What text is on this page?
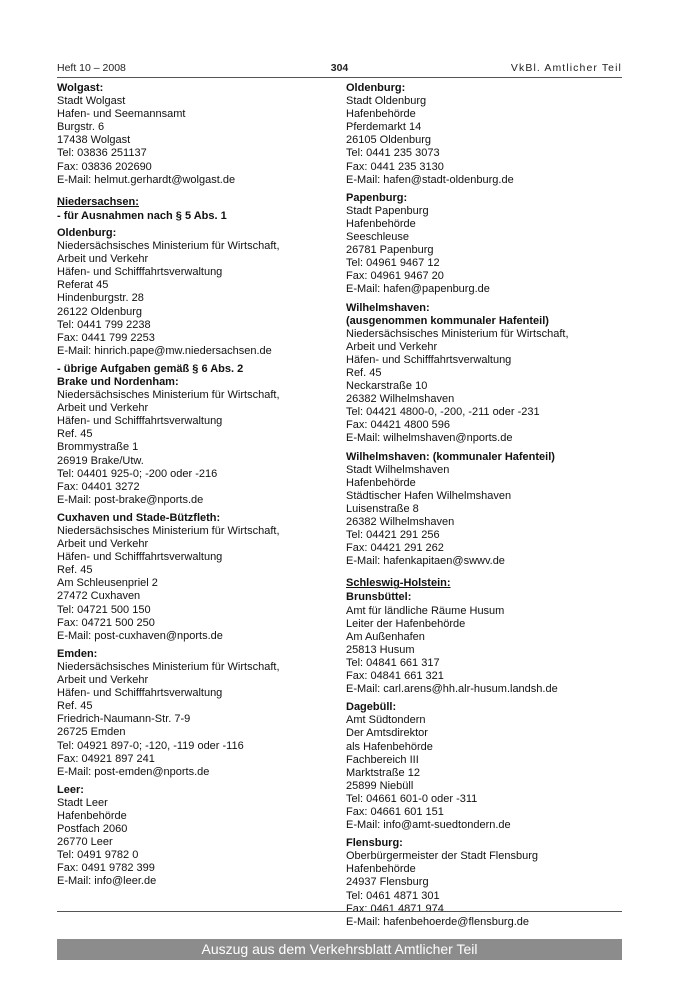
Heft 10 – 2008	304	VkBl. Amtlicher Teil
Wolgast:
Stadt Wolgast
Hafen- und Seemannsamt
Burgstr. 6
17438 Wolgast
Tel: 03836 251137
Fax: 03836 202690
E-Mail: helmut.gerhardt@wolgast.de
Niedersachsen:
- für Ausnahmen nach § 5 Abs. 1
Oldenburg:
Niedersächsisches Ministerium für Wirtschaft,
Arbeit und Verkehr
Häfen- und Schifffahrtsverwaltung
Referat 45
Hindenburgstr. 28
26122 Oldenburg
Tel: 0441 799 2238
Fax: 0441 799 2253
E-Mail: hinrich.pape@mw.niedersachsen.de
- übrige Aufgaben gemäß § 6 Abs. 2
Brake und Nordenham:
Niedersächsisches Ministerium für Wirtschaft,
Arbeit und Verkehr
Häfen- und Schifffahrtsverwaltung
Ref. 45
Brommystraße 1
26919 Brake/Utw.
Tel: 04401 925-0; -200 oder -216
Fax: 04401 3272
E-Mail: post-brake@nports.de
Cuxhaven und Stade-Bützfleth:
Niedersächsisches Ministerium für Wirtschaft,
Arbeit und Verkehr
Häfen- und Schifffahrtsverwaltung
Ref. 45
Am Schleusenpriel 2
27472 Cuxhaven
Tel: 04721 500 150
Fax: 04721 500 250
E-Mail: post-cuxhaven@nports.de
Emden:
Niedersächsisches Ministerium für Wirtschaft,
Arbeit und Verkehr
Häfen- und Schifffahrtsverwaltung
Ref. 45
Friedrich-Naumann-Str. 7-9
26725 Emden
Tel: 04921 897-0; -120, -119 oder -116
Fax: 04921 897 241
E-Mail: post-emden@nports.de
Leer:
Stadt Leer
Hafenbehörde
Postfach 2060
26770 Leer
Tel: 0491 9782 0
Fax: 0491 9782 399
E-Mail: info@leer.de
Oldenburg:
Stadt Oldenburg
Hafenbehörde
Pferdemarkt 14
26105 Oldenburg
Tel: 0441 235 3073
Fax: 0441 235 3130
E-Mail: hafen@stadt-oldenburg.de
Papenburg:
Stadt Papenburg
Hafenbehörde
Seeschleuse
26781 Papenburg
Tel: 04961 9467 12
Fax: 04961 9467 20
E-Mail: hafen@papenburg.de
Wilhelmshaven:
(ausgenommen kommunaler Hafenteil)
Niedersächsisches Ministerium für Wirtschaft,
Arbeit und Verkehr
Häfen- und Schifffahrtsverwaltung
Ref. 45
Neckarstraße 10
26382 Wilhelmshaven
Tel: 04421 4800-0, -200, -211 oder -231
Fax: 04421 4800 596
E-Mail: wilhelmshaven@nports.de
Wilhelmshaven: (kommunaler Hafenteil)
Stadt Wilhelmshaven
Hafenbehörde
Städtischer Hafen Wilhelmshaven
Luisenstraße 8
26382 Wilhelmshaven
Tel: 04421 291 256
Fax: 04421 291 262
E-Mail: hafenkapitaen@swwv.de
Schleswig-Holstein:
Brunsbüttel:
Amt für ländliche Räume Husum
Leiter der Hafenbehörde
Am Außenhafen
25813 Husum
Tel: 04841 661 317
Fax: 04841 661 321
E-Mail: carl.arens@hh.alr-husum.landsh.de
Dagebüll:
Amt Südtondern
Der Amtsdirektor
als Hafenbehörde
Fachbereich III
Marktstraße 12
25899 Niebüll
Tel: 04661 601-0 oder -311
Fax: 04661 601 151
E-Mail: info@amt-suedtondern.de
Flensburg:
Oberbürgermeister der Stadt Flensburg
Hafenbehörde
24937 Flensburg
Tel: 0461 4871 301
Fax: 0461 4871 974
E-Mail: hafenbehoerde@flensburg.de
Auszug aus dem Verkehrsblatt Amtlicher Teil
